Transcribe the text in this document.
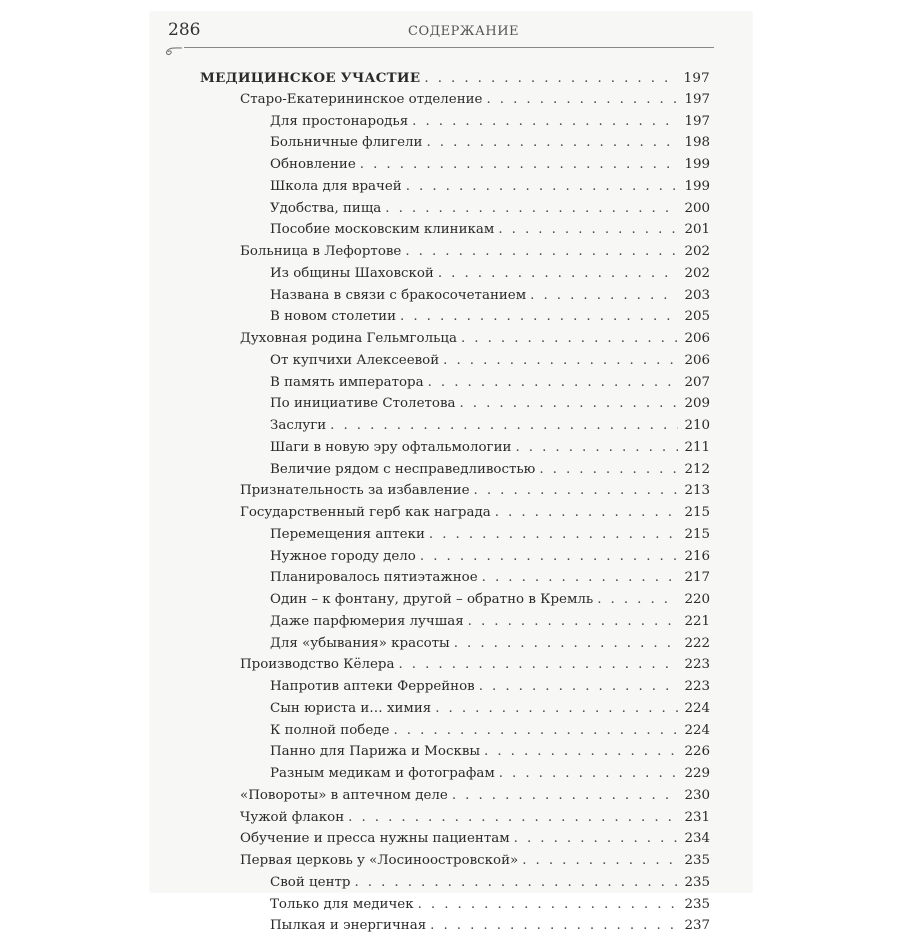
286	СОДЕРЖАНИЕ
МЕДИЦИНСКОЕ УЧАСТИЕ . . .	197
Старо-Екатерининское отделение . . .	197
Для простонародья . . .	197
Больничные флигели . . .	198
Обновление . . .	199
Школа для врачей . . .	199
Удобства, пища . . .	200
Пособие московским клиникам . . .	201
Больница в Лефортове . . .	202
Из общины Шаховской . . .	202
Названа в связи с бракосочетанием . . .	203
В новом столетии . . .	205
Духовная родина Гельмгольца . . .	206
От купчихи Алексеевой . . .	206
В память императора . . .	207
По инициативе Столетова . . .	209
Заслуги . . .	210
Шаги в новую эру офтальмологии . . .	211
Величие рядом с несправедливостью . . .	212
Признательность за избавление . . .	213
Государственный герб как награда . . .	215
Перемещения аптеки . . .	215
Нужное городу дело . . .	216
Планировалось пятиэтажное . . .	217
Один – к фонтану, другой – обратно в Кремль . . .	220
Даже парфюмерия лучшая . . .	221
Для «убывания» красоты . . .	222
Производство Кёлера . . .	223
Напротив аптеки Феррейнов . . .	223
Сын юриста и… химия . . .	224
К полной победе . . .	224
Панно для Парижа и Москвы . . .	226
Разным медикам и фотографам . . .	229
«Повороты» в аптечном деле . . .	230
Чужой флакон . . .	231
Обучение и пресса нужны пациентам . . .	234
Первая церковь у «Лосиноостровской» . . .	235
Свой центр . . .	235
Только для медичек . . .	235
Пылкая и энергичная . . .	237
